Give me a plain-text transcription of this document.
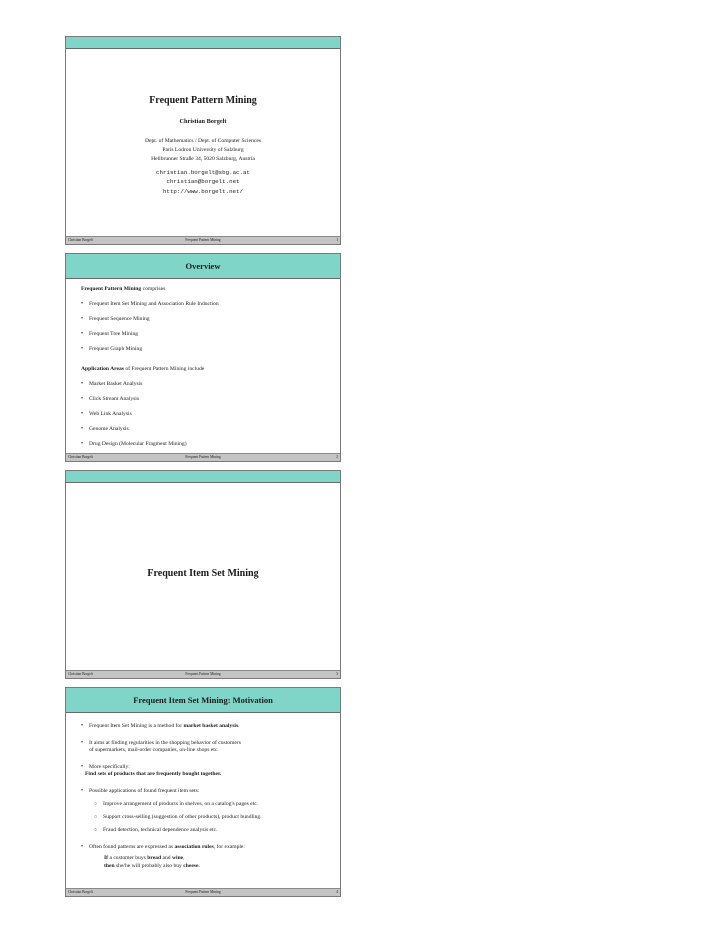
Frequent Pattern Mining
Christian Borgelt
Dept. of Mathematics / Dept. of Computer Sciences
Paris Lodron University of Salzburg
Hellbrunner Straße 34, 5020 Salzburg, Austria
christian.borgelt@sbg.ac.at
christian@borgelt.net
http://www.borgelt.net/
Christian Borgelt	Frequent Pattern Mining	1
Overview
Frequent Pattern Mining comprises
• Frequent Item Set Mining and Association Rule Induction
• Frequent Sequence Mining
• Frequent Tree Mining
• Frequent Graph Mining
Application Areas of Frequent Pattern Mining include
• Market Basket Analysis
• Click Stream Analysis
• Web Link Analysis
• Genome Analysis
• Drug Design (Molecular Fragment Mining)
Christian Borgelt	Frequent Pattern Mining	2
Frequent Item Set Mining
Christian Borgelt	Frequent Pattern Mining	3
Frequent Item Set Mining: Motivation
• Frequent Item Set Mining is a method for market basket analysis.
• It aims at finding regularities in the shopping behavior of customers
of supermarkets, mail-order companies, on-line shops etc.
• More specifically:
Find sets of products that are frequently bought together.
• Possible applications of found frequent item sets:
○ Improve arrangement of products in shelves, on a catalog's pages etc.
○ Support cross-selling (suggestion of other products), product bundling.
○ Fraud detection, technical dependence analysis etc.
• Often found patterns are expressed as association rules, for example:
If a customer buys bread and wine,
then she/he will probably also buy cheese.
Christian Borgelt	Frequent Pattern Mining	4
